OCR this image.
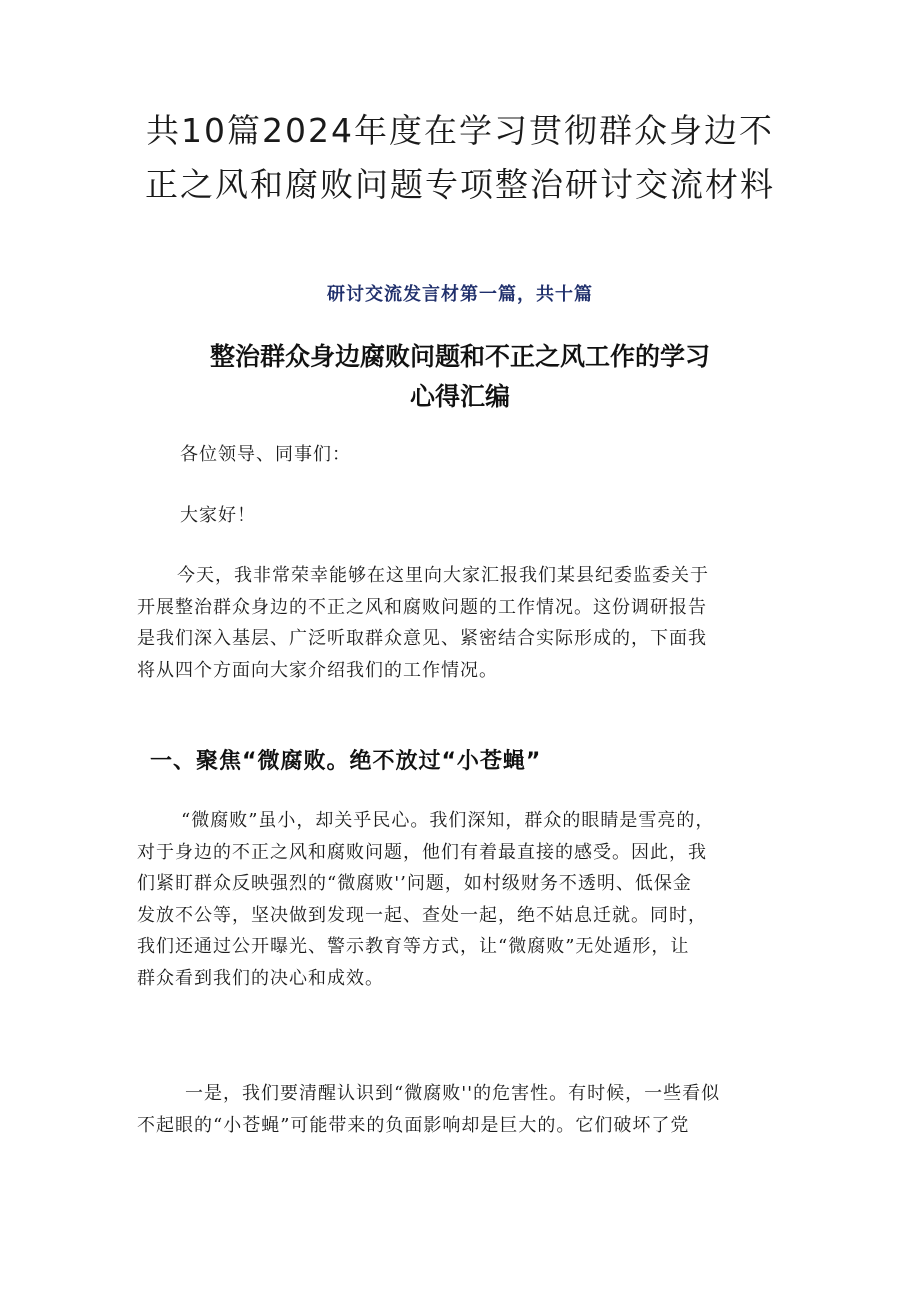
共10篇2024年度在学习贯彻群众身边不
正之风和腐败问题专项整治研讨交流材料

研讨交流发言材第一篇，共十篇

整治群众身边腐败问题和不正之风工作的学习
心得汇编

各位领导、同事们：

大家好！

今天，我非常荣幸能够在这里向大家汇报我们某县纪委监委关于
开展整治群众身边的不正之风和腐败问题的工作情况。这份调研报告
是我们深入基层、广泛听取群众意见、紧密结合实际形成的，下面我
将从四个方面向大家介绍我们的工作情况。
一、聚焦“微腐败。绝不放过“小苍蝇”
“微腐败”虽小，却关乎民心。我们深知，群众的眼睛是雪亮的，
对于身边的不正之风和腐败问题，他们有着最直接的感受。因此，我
们紧盯群众反映强烈的“微腐败'’问题，如村级财务不透明、低保金
发放不公等，坚决做到发现一起、查处一起，绝不姑息迁就。同时，
我们还通过公开曝光、警示教育等方式，让“微腐败”无处遁形，让
群众看到我们的决心和成效。
一是，我们要清醒认识到“微腐败''的危害性。有时候，一些看似
不起眼的“小苍蝇”可能带来的负面影响却是巨大的。它们破坏了党
